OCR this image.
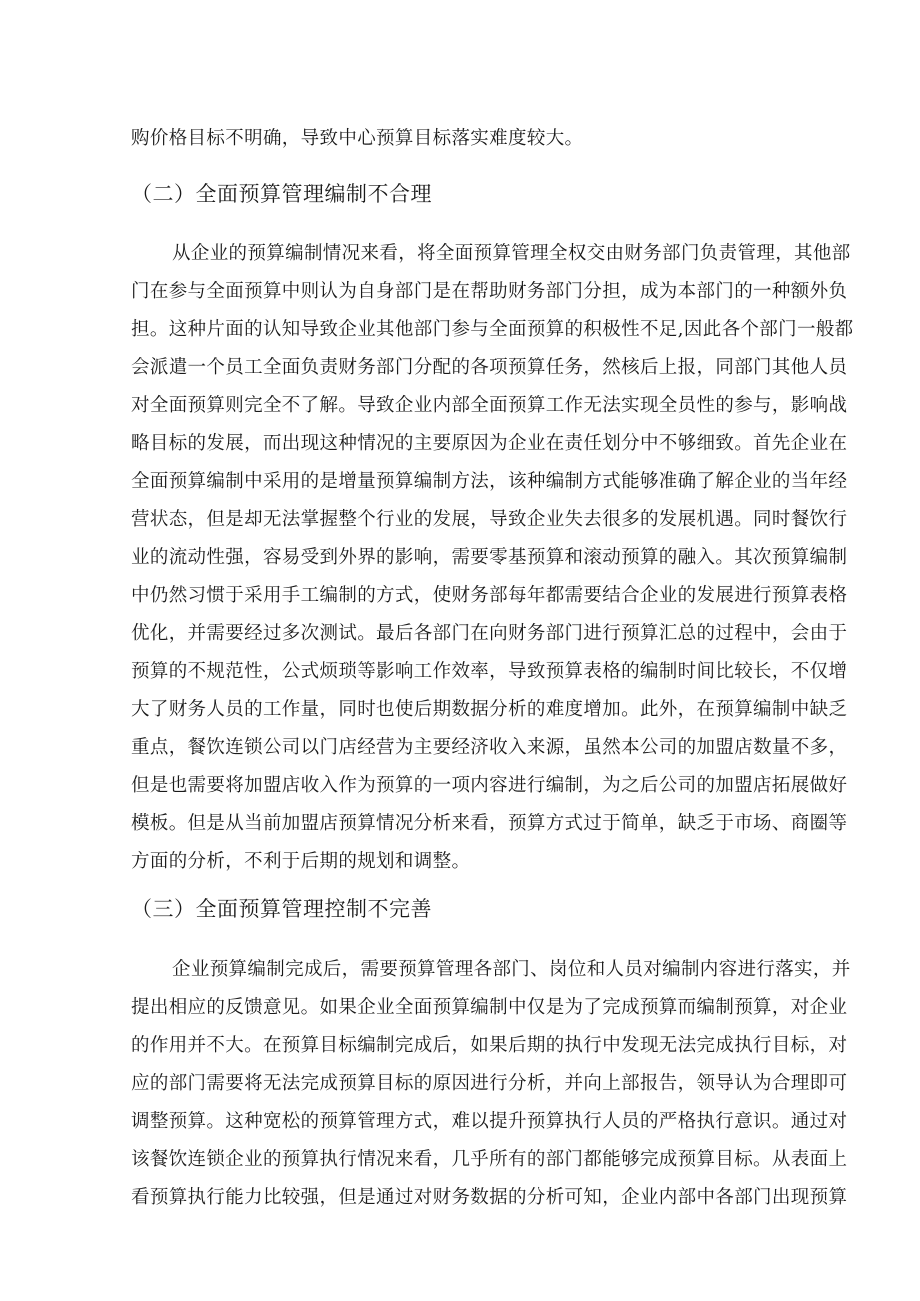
购价格目标不明确，导致中心预算目标落实难度较大。
（二）全面预算管理编制不合理
从企业的预算编制情况来看，将全面预算管理全权交由财务部门负责管理，其他部
门在参与全面预算中则认为自身部门是在帮助财务部门分担，成为本部门的一种额外负
担。这种片面的认知导致企业其他部门参与全面预算的积极性不足,因此各个部门一般都
会派遣一个员工全面负责财务部门分配的各项预算任务，然核后上报，同部门其他人员
对全面预算则完全不了解。导致企业内部全面预算工作无法实现全员性的参与，影响战
略目标的发展，而出现这种情况的主要原因为企业在责任划分中不够细致。首先企业在
全面预算编制中采用的是增量预算编制方法，该种编制方式能够准确了解企业的当年经
营状态，但是却无法掌握整个行业的发展，导致企业失去很多的发展机遇。同时餐饮行
业的流动性强，容易受到外界的影响，需要零基预算和滚动预算的融入。其次预算编制
中仍然习惯于采用手工编制的方式，使财务部每年都需要结合企业的发展进行预算表格
优化，并需要经过多次测试。最后各部门在向财务部门进行预算汇总的过程中，会由于
预算的不规范性，公式烦琐等影响工作效率，导致预算表格的编制时间比较长，不仅增
大了财务人员的工作量，同时也使后期数据分析的难度增加。此外，在预算编制中缺乏
重点，餐饮连锁公司以门店经营为主要经济收入来源，虽然本公司的加盟店数量不多，
但是也需要将加盟店收入作为预算的一项内容进行编制，为之后公司的加盟店拓展做好
模板。但是从当前加盟店预算情况分析来看，预算方式过于简单，缺乏于市场、商圈等
方面的分析，不利于后期的规划和调整。
（三）全面预算管理控制不完善
企业预算编制完成后，需要预算管理各部门、岗位和人员对编制内容进行落实，并
提出相应的反馈意见。如果企业全面预算编制中仅是为了完成预算而编制预算，对企业
的作用并不大。在预算目标编制完成后，如果后期的执行中发现无法完成执行目标，对
应的部门需要将无法完成预算目标的原因进行分析，并向上部报告，领导认为合理即可
调整预算。这种宽松的预算管理方式，难以提升预算执行人员的严格执行意识。通过对
该餐饮连锁企业的预算执行情况来看，几乎所有的部门都能够完成预算目标。从表面上
看预算执行能力比较强，但是通过对财务数据的分析可知，企业内部中各部门出现预算
